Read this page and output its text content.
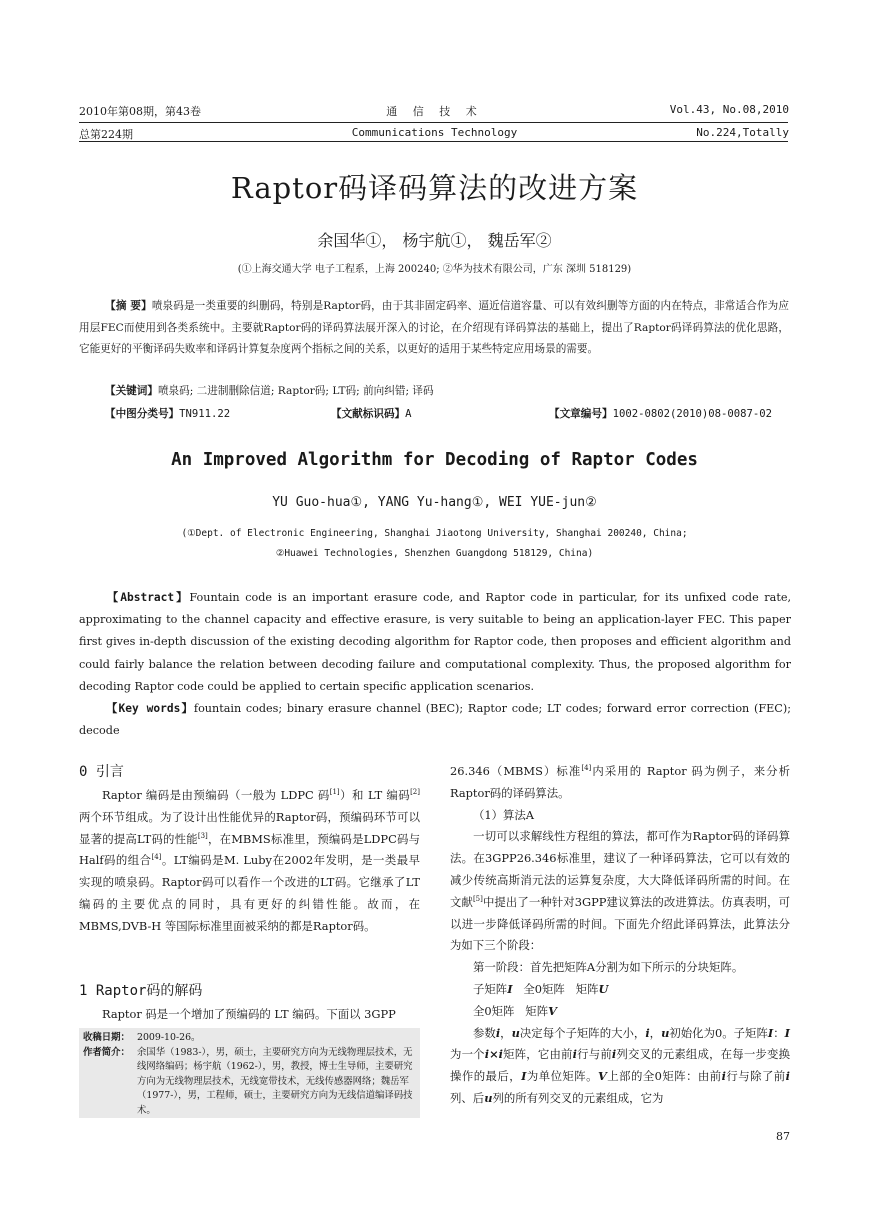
2010年第08期，第43卷	通 信 技 术	Vol.43, No.08,2010
总第224期	Communications Technology	No.224,Totally
Raptor码译码算法的改进方案
余国华①， 杨宇航①， 魏岳军②
(①上海交通大学 电子工程系，上海 200240; ②华为技术有限公司，广东 深圳 518129)
【摘 要】喷泉码是一类重要的纠删码，特别是Raptor码，由于其非固定码率、逼近信道容量、可以有效纠删等方面的内在特点，非常适合作为应用层FEC而使用到各类系统中。主要就Raptor码的译码算法展开深入的讨论，在介绍现有译码算法的基础上，提出了Raptor码译码算法的优化思路，它能更好的平衡译码失败率和译码计算复杂度两个指标之间的关系，以更好的适用于某些特定应用场景的需要。
【关键词】喷泉码; 二进制删除信道; Raptor码; LT码; 前向纠错; 译码
【中图分类号】TN911.22	【文献标识码】A	【文章编号】1002-0802(2010)08-0087-02
An Improved Algorithm for Decoding of Raptor Codes
YU Guo-hua①, YANG Yu-hang①, WEI YUE-jun②
(①Dept. of Electronic Engineering, Shanghai Jiaotong University, Shanghai 200240, China;
②Huawei Technologies, Shenzhen Guangdong 518129, China)
【Abstract】Fountain code is an important erasure code, and Raptor code in particular, for its unfixed code rate, approximating to the channel capacity and effective erasure, is very suitable to being an application-layer FEC. This paper first gives in-depth discussion of the existing decoding algorithm for Raptor code, then proposes and efficient algorithm and could fairly balance the relation between decoding failure and computational complexity. Thus, the proposed algorithm for decoding Raptor code could be applied to certain specific application scenarios.
【Key words】fountain codes; binary erasure channel (BEC); Raptor code; LT codes; forward error correction (FEC); decode
0 引言
Raptor 编码是由预编码（一般为 LDPC 码[1]）和 LT 编码[2]两个环节组成。为了设计出性能优异的Raptor码，预编码环节可以显著的提高LT码的性能[3]，在MBMS标准里，预编码是LDPC码与Half码的组合[4]。LT编码是M. Luby在2002年发明，是一类最早实现的喷泉码。Raptor码可以看作一个改进的LT码。它继承了LT编码的主要优点的同时，具有更好的纠错性能。故而，在 MBMS,DVB-H 等国际标准里面被采纳的都是Raptor码。
1 Raptor码的解码
Raptor 码是一个增加了预编码的 LT 编码。下面以 3GPP
收稿日期： 2009-10-26。
作者简介： 余国华（1983-），男，硕士，主要研究方向为无线物理层技术，无线网络编码；杨宇航（1962-），男，教授，博士生导师，主要研究方向为无线物理层技术，无线宽带技术，无线传感器网络；魏岳军（1977-），男，工程师，硕士，主要研究方向为无线信道编译码技术。
26.346（MBMS）标准[4]内采用的 Raptor 码为例子，来分析Raptor码的译码算法。
（1）算法A
一切可以求解线性方程组的算法，都可作为Raptor码的译码算法。在3GPP26.346标准里，建议了一种译码算法，它可以有效的减少传统高斯消元法的运算复杂度，大大降低译码所需的时间。在文献[5]中提出了一种针对3GPP建议算法的改进算法。仿真表明，可以进一步降低译码所需的时间。下面先介绍此译码算法，此算法分为如下三个阶段：
第一阶段：首先把矩阵A分割为如下所示的分块矩阵。
子矩阵I 全0矩阵 矩阵U
全0矩阵 矩阵V
参数i，u决定每个子矩阵的大小，i，u初始化为0。子矩阵I：I为一个i×i矩阵，它由前i行与前i列交叉的元素组成，在每一步变换操作的最后，I为单位矩阵。V上部的全0矩阵：由前i行与除了前i列、后u列的所有列交叉的元素组成，它为
87
